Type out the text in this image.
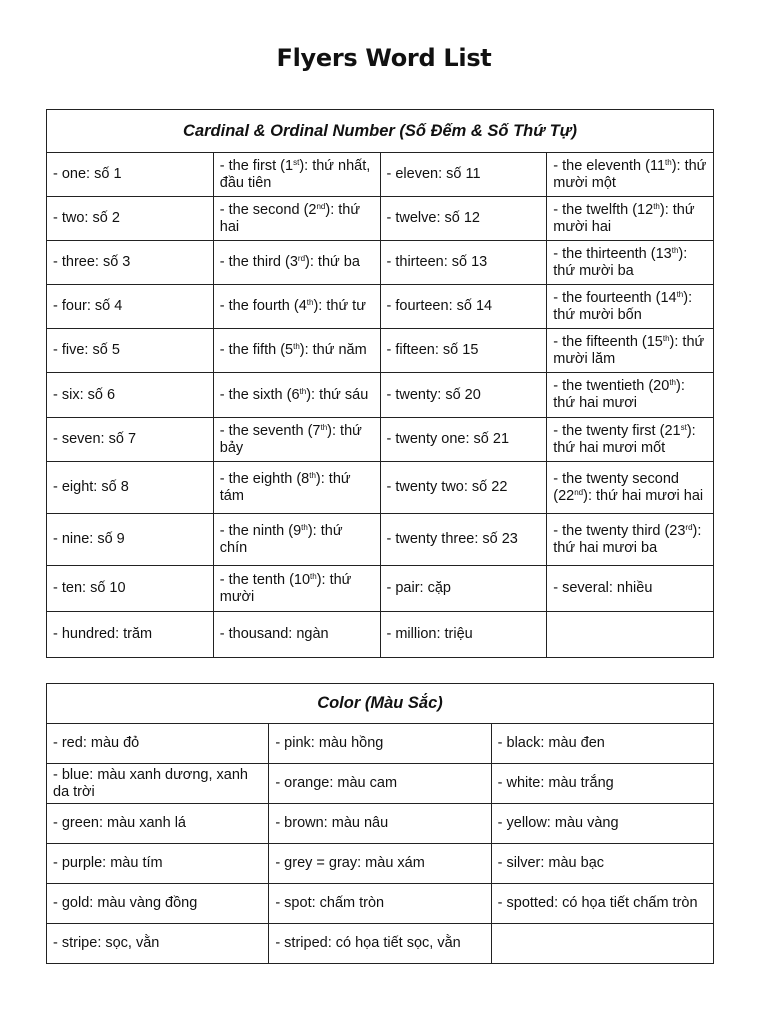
Flyers Word List
Cardinal & Ordinal Number (Số Đếm & Số Thứ Tự)			
- one: số 1	- the first (1st): thứ nhất, đầu tiên	- eleven: số 11	- the eleventh (11th): thứ mười một
- two: số 2	- the second (2nd): thứ hai	- twelve: số 12	- the twelfth (12th): thứ mười hai
- three: số 3	- the third (3rd): thứ ba	- thirteen: số 13	- the thirteenth (13th): thứ mười ba
- four: số 4	- the fourth (4th): thứ tư	- fourteen: số 14	- the fourteenth (14th): thứ mười bốn
- five: số 5	- the fifth (5th): thứ năm	- fifteen: số 15	- the fifteenth (15th): thứ mười lăm
- six: số 6	- the sixth (6th): thứ sáu	- twenty: số 20	- the twentieth (20th): thứ hai mươi
- seven: số 7	- the seventh (7th): thứ bảy	- twenty one: số 21	- the twenty first (21st): thứ hai mươi mốt
- eight: số 8	- the eighth (8th): thứ tám	- twenty two: số 22	- the twenty second (22nd): thứ hai mươi hai
- nine: số 9	- the ninth (9th): thứ chín	- twenty three: số 23	- the twenty third (23rd): thứ hai mươi ba
- ten: số 10	- the tenth (10th): thứ mười	- pair: cặp	- several: nhiều
- hundred: trăm	- thousand: ngàn	- million: triệu	
Color (Màu Sắc)		
- red: màu đỏ	- pink: màu hồng	- black: màu đen
- blue: màu xanh dương, xanh da trời	- orange: màu cam	- white: màu trắng
- green: màu xanh lá	- brown: màu nâu	- yellow: màu vàng
- purple: màu tím	- grey = gray: màu xám	- silver: màu bạc
- gold: màu vàng đồng	- spot: chấm tròn	- spotted: có họa tiết chấm tròn
- stripe: sọc, vằn	- striped: có họa tiết sọc, vằn	
